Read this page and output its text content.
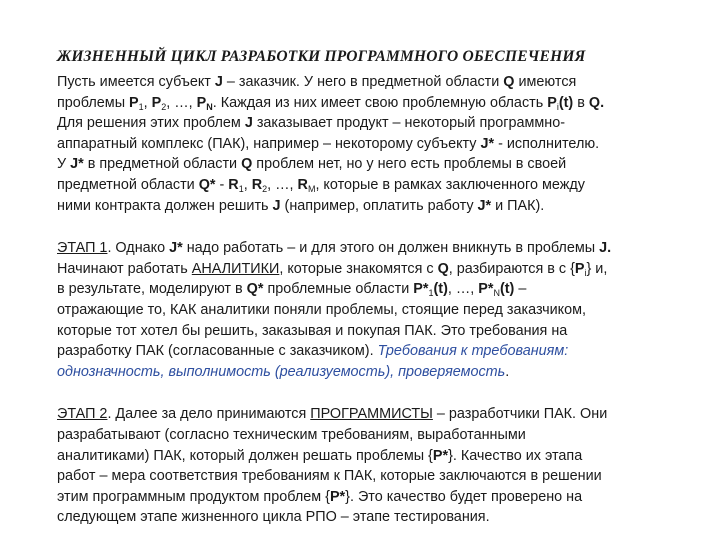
ЖИЗНЕННЫЙ ЦИКЛ РАЗРАБОТКИ ПРОГРАММНОГО ОБЕСПЕЧЕНИЯ
Пусть имеется субъект J – заказчик. У него в предметной области Q имеются
проблемы $P_1$, $P_2$, …, $P_N$. Каждая из них имеет свою проблемную область $P_i(t)$ в Q.
Для решения этих проблем J заказывает продукт – некоторый программно-
аппаратный комплекс (ПАК), например – некоторому субъекту J* - исполнителю.
У J* в предметной области Q проблем нет, но у него есть проблемы в своей
предметной области $Q* - R_1$, $R_2$, …, $R_M$, которые в рамках заключенного между
ними контракта должен решить J (например, оплатить работу J* и ПАК).
ЭТАП 1. Однако J* надо работать – и для этого он должен вникнуть в проблемы J.
Начинают работать АНАЛИТИКИ, которые знакомятся с Q, разбираются в с $\{P_i\}$ и,
в результате, моделируют в Q* проблемные области $P*_1(t)$, …, $P*_N(t)$ –
отражающие то, КАК аналитики поняли проблемы, стоящие перед заказчиком,
которые тот хотел бы решить, заказывая и покупая ПАК. Это требования на
разработку ПАК (согласованные с заказчиком). Требования к требованиям:
однозначность, выполнимость (реализуемость), проверяемость.
ЭТАП 2. Далее за дело принимаются ПРОГРАММИСТЫ – разработчики ПАК. Они
разрабатывают (согласно техническим требованиям, выработанными
аналитиками) ПАК, который должен решать проблемы {P*}. Качество их этапа
работ – мера соответствия требованиям к ПАК, которые заключаются в решении
этим программным продуктом проблем {P*}. Это качество будет проверено на
следующем этапе жизненного цикла РПО – этапе тестирования.
